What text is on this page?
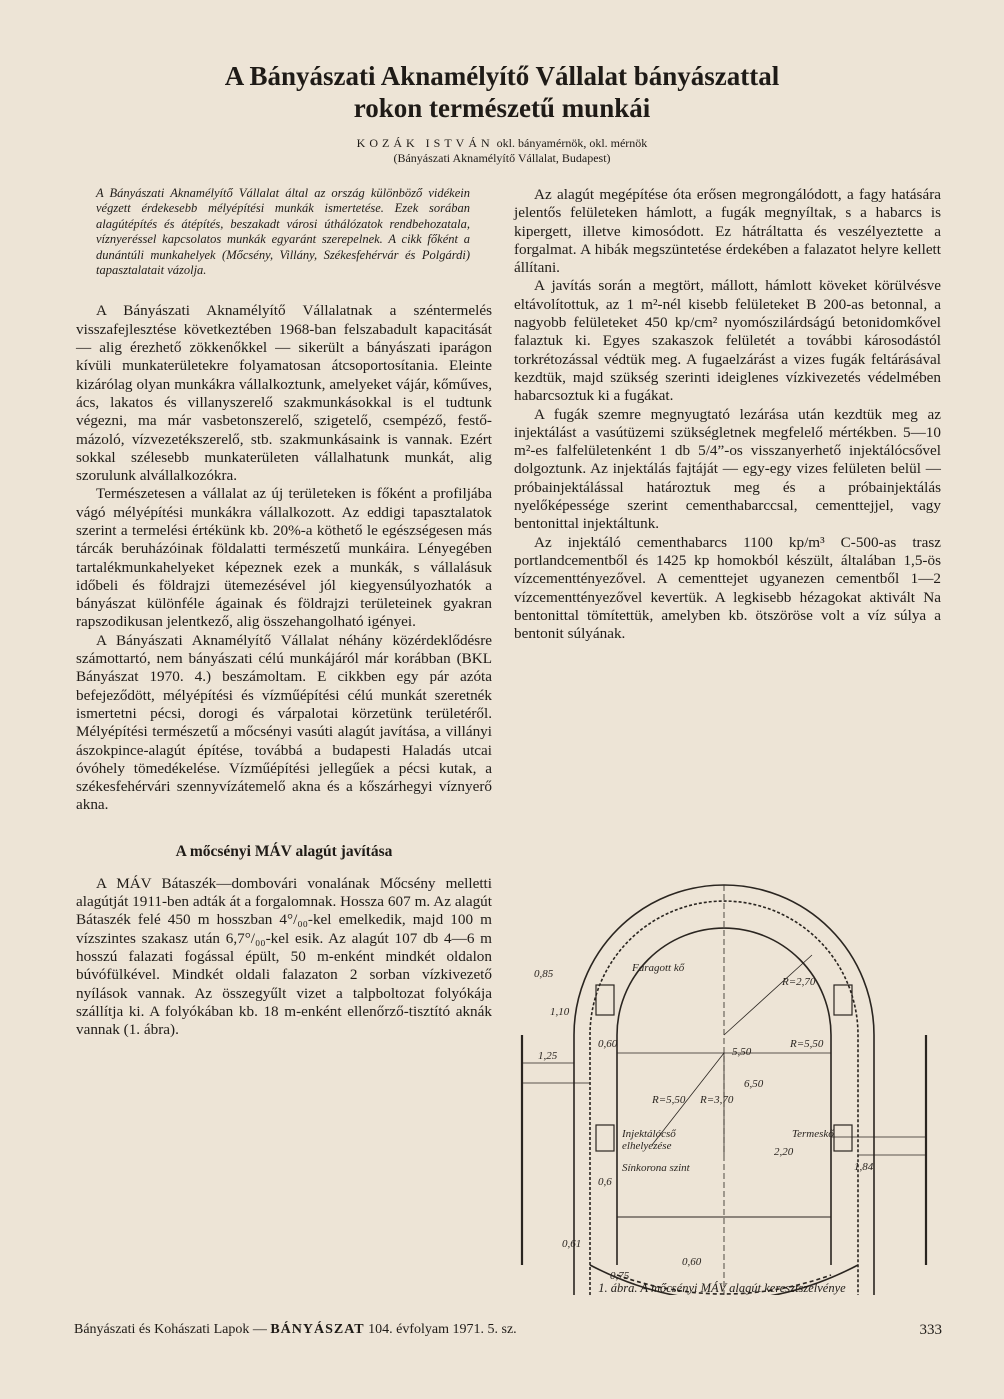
A Bányászati Aknamélyítő Vállalat bányászattal
rokon természetű munkái
KOZÁK ISTVÁN okl. bányamérnök, okl. mérnök
(Bányászati Aknamélyítő Vállalat, Budapest)

A Bányászati Aknamélyítő Vállalat által az ország különböző vidékein végzett érdekesebb mélyépítési munkák ismertetése. Ezek sorában alagútépítés és átépítés, beszakadt városi úthálózatok rendbehozatala, víznyeréssel kapcsolatos munkák egyaránt szerepelnek. A cikk főként a dunántúli munkahelyek (Mőcsény, Villány, Székesfehérvár és Polgárdi) tapasztalatait vázolja.

A Bányászati Aknamélyítő Vállalatnak a széntermelés visszafejlesztése következtében 1968-ban felszabadult kapacitását — alig érezhető zökkenőkkel — sikerült a bányászati iparágon kívüli munkaterületekre folyamatosan átcsoportosítania. Eleinte kizárólag olyan munkákra vállalkoztunk, amelyeket vájár, kőműves, ács, lakatos és villanyszerelő szakmunkásokkal is el tudtunk végezni, ma már vasbetonszerelő, szigetelő, csempéző, festő-mázoló, vízvezetékszerelő, stb. szakmunkásaink is vannak. Ezért sokkal szélesebb munkaterületen vállalhatunk munkát, alig szorulunk alvállalkozókra.

Természetesen a vállalat az új területeken is főként a profiljába vágó mélyépítési munkákra vállalkozott. Az eddigi tapasztalatok szerint a termelési értékünk kb. 20%-a köthető le egészségesen más tárcák beruházóinak földalatti természetű munkáira. Lényegében tartalékmunkahelyeket képeznek ezek a munkák, s vállalásuk időbeli és földrajzi ütemezésével jól kiegyensúlyozhatók a bányászat különféle ágainak és földrajzi területeinek gyakran rapszodikusan jelentkező, alig összehangolható igényei.

A Bányászati Aknamélyítő Vállalat néhány közérdeklődésre számottartó, nem bányászati célú munkájáról már korábban (BKL Bányászat 1970. 4.) beszámoltam. E cikkben egy pár azóta befejeződött, mélyépítési és vízműépítési célú munkát szeretnék ismertetni pécsi, dorogi és várpalotai körzetünk területéről. Mélyépítési természetű a mőcsényi vasúti alagút javítása, a villányi ászokpince-alagút építése, továbbá a budapesti Haladás utcai óvóhely tömedékelése. Vízműépítési jellegűek a pécsi kutak, a székesfehérvári szennyvízátemelő akna és a kőszárhegyi víznyerő akna.

A mőcsényi MÁV alagút javítása

A MÁV Bátaszék—dombovári vonalának Mőcsény melletti alagútját 1911-ben adták át a forgalomnak. Hossza 607 m. Az alagút Bátaszék felé 450 m hosszban 4°/₀₀-kel emelkedik, majd 100 m vízszintes szakasz után 6,7°/₀₀-kel esik. Az alagút 107 db 4—6 m hosszú falazati fogással épült, 50 m-enként mindkét oldalon búvófülkével. Mindkét oldali falazaton 2 sorban vízkivezető nyílások vannak. Az összegyűlt vizet a talpboltozat folyókája szállítja ki. A folyókában kb. 18 m-enként ellenőrző-tisztító aknák vannak (1. ábra).

Az alagút megépítése óta erősen megrongálódott, a fagy hatására jelentős felületeken hámlott, a fugák megnyíltak, s a habarcs is kipergett, illetve kimosódott. Ez hátráltatta és veszélyeztette a forgalmat. A hibák megszüntetése érdekében a falazatot helyre kellett állítani.

A javítás során a megtört, mállott, hámlott köveket körülvésve eltávolítottuk, az 1 m²-nél kisebb felületeket B 200-as betonnal, a nagyobb felületeket 450 kp/cm² nyomószilárdságú betonidomkővel falaztuk ki. Egyes szakaszok felületét a további károsodástól torkrétozással védtük meg. A fugaelzárást a vizes fugák feltárásával kezdtük, majd szükség szerinti ideiglenes vízkivezetés védelmében habarcsoztuk ki a fugákat.

A fugák szemre megnyugtató lezárása után kezdtük meg az injektálást a vasútüzemi szükségletnek megfelelő mértékben. 5—10 m²-es falfelületenként 1 db 5/4”-os visszanyerhető injektálócsővel dolgoztunk. Az injektálás fajtáját — egy-egy vizes felületen belül — próbainjektálással határoztuk meg és a próbainjektálás nyelőképessége szerint cementhabarccsal, cementtejjel, vagy bentonittal injektáltunk.

Az injektáló cementhabarcs 1100 kp/m³ C-500-as trasz portlandcementből és 1425 kp homokból készült, általában 1,5-ös vízcementtényezővel. A cementtejet ugyanezen cementből 1—2 vízcementtényezővel kevertük. A legkisebb hézagokat aktivált Na bentonittal tömítettük, amelyben kb. ötszöröse volt a víz súlya a bentonit súlyának.

Faragott kő
R=2,70
R=5,50
5,50
R=5,50 R=3,70
6,50
0,85
1,10
1,25
0,60
Termeskő
2,20
1,84
Injektálócső
elhelyezése
Sínkorona szint
0,6
0,60
0,61
0,75
1. ábra. A mőcsényi MÁV alagút keresztszelvénye
Bányászati és Kohászati Lapok — BÁNYÁSZAT 104. évfolyam 1971. 5. sz.	333
